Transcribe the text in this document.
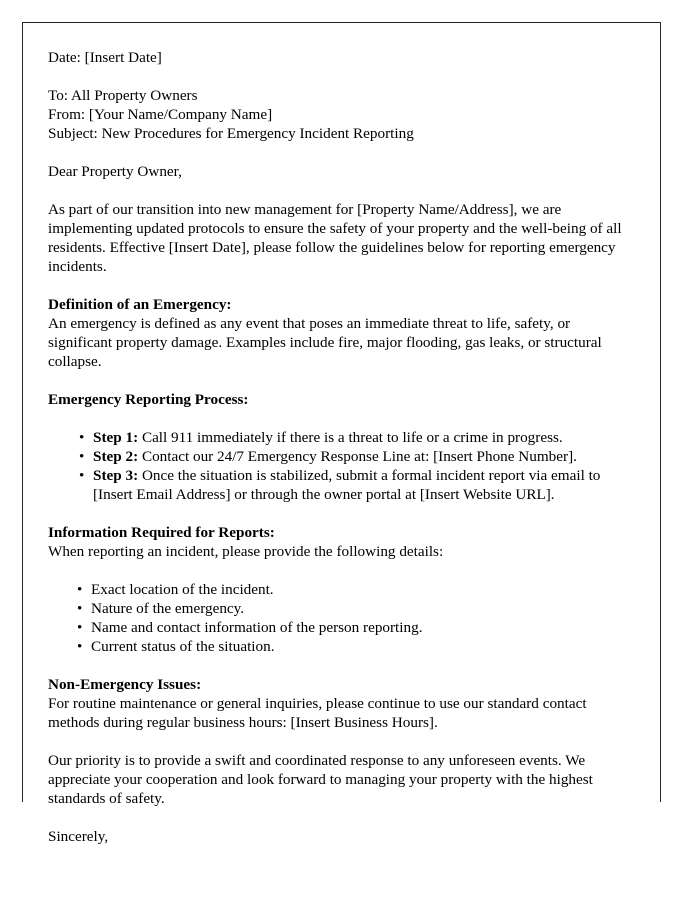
Date: [Insert Date]

To: All Property Owners

From: [Your Name/Company Name]

Subject: New Procedures for Emergency Incident Reporting

Dear Property Owner,

As part of our transition into new management for [Property Name/Address], we are implementing updated protocols to ensure the safety of your property and the well-being of all residents. Effective [Insert Date], please follow the guidelines below for reporting emergency incidents.

Definition of an Emergency:

An emergency is defined as any event that poses an immediate threat to life, safety, or significant property damage. Examples include fire, major flooding, gas leaks, or structural collapse.

Emergency Reporting Process:

• Step 1: Call 911 immediately if there is a threat to life or a crime in progress.
• Step 2: Contact our 24/7 Emergency Response Line at: [Insert Phone Number].
• Step 3: Once the situation is stabilized, submit a formal incident report via email to [Insert Email Address] or through the owner portal at [Insert Website URL].

Information Required for Reports:

When reporting an incident, please provide the following details:

• Exact location of the incident.
• Nature of the emergency.
• Name and contact information of the person reporting.
• Current status of the situation.

Non-Emergency Issues:

For routine maintenance or general inquiries, please continue to use our standard contact methods during regular business hours: [Insert Business Hours].

Our priority is to provide a swift and coordinated response to any unforeseen events. We appreciate your cooperation and look forward to managing your property with the highest standards of safety.

Sincerely,
